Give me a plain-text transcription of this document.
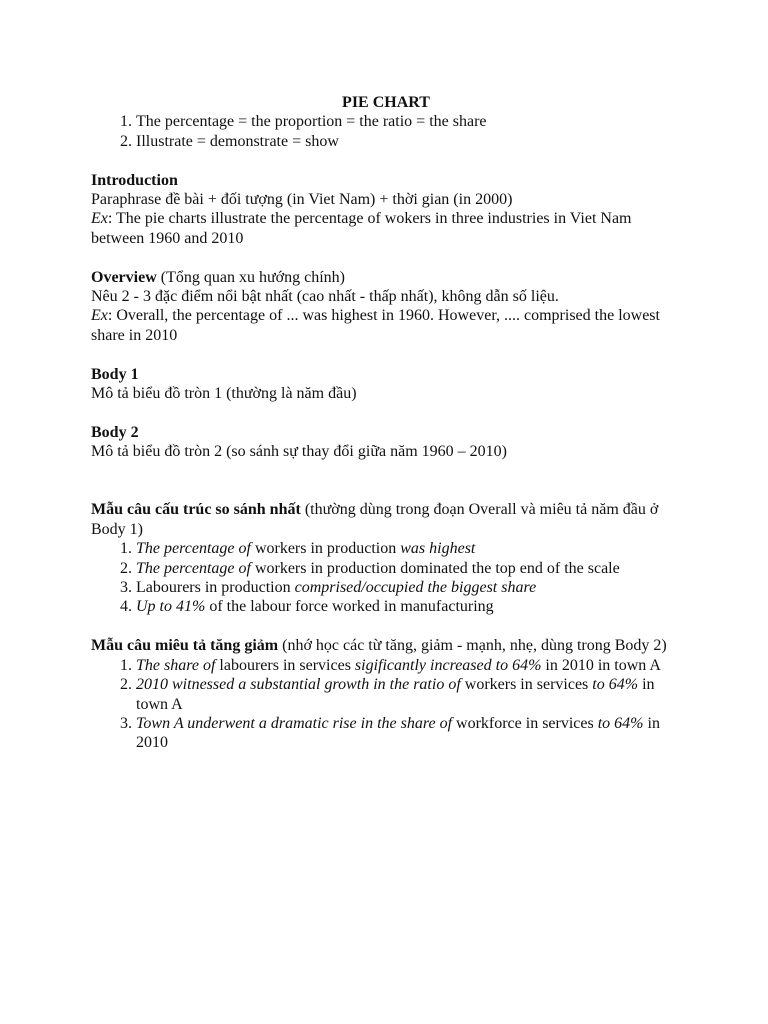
PIE CHART

1. The percentage = the proportion = the ratio = the share
2. Illustrate = demonstrate = show

Introduction

Paraphrase đề bài + đối tượng (in Viet Nam) + thời gian (in 2000)

Ex: The pie charts illustrate the percentage of wokers in three industries in Viet Nam between 1960 and 2010

Overview (Tổng quan xu hướng chính)

Nêu 2 - 3 đặc điểm nổi bật nhất (cao nhất - thấp nhất), không dẫn số liệu.

Ex: Overall, the percentage of ... was highest in 1960. However, .... comprised the lowest share in 2010

Body 1

Mô tả biểu đồ tròn 1 (thường là năm đầu)

Body 2

Mô tả biểu đồ tròn 2 (so sánh sự thay đổi giữa năm 1960 – 2010)

Mẫu câu cấu trúc so sánh nhất (thường dùng trong đoạn Overall và miêu tả năm đầu ở Body 1)

1. The percentage of workers in production was highest
2. The percentage of workers in production dominated the top end of the scale
3. Labourers in production comprised/occupied the biggest share
4. Up to 41% of the labour force worked in manufacturing

Mẫu câu miêu tả tăng giảm (nhớ học các từ tăng, giảm - mạnh, nhẹ, dùng trong Body 2)

1. The share of labourers in services sigificantly increased to 64% in 2010 in town A
2. 2010 witnessed a substantial growth in the ratio of workers in services to 64% in town A
3. Town A underwent a dramatic rise in the share of workforce in services to 64% in 2010
